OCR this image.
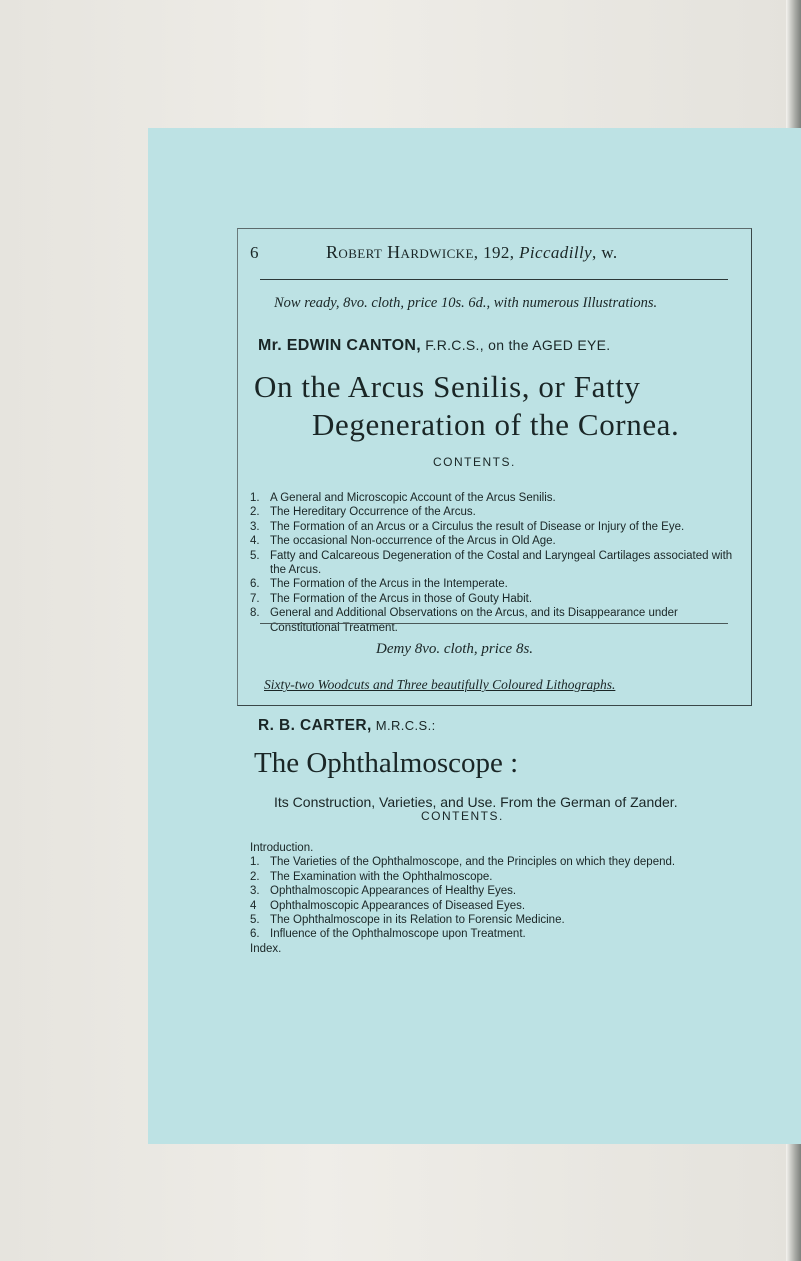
6	Robert Hardwicke, 192, Piccadilly, w.

Now ready, 8vo. cloth, price 10s. 6d., with numerous Illustrations.

Mr. EDWIN CANTON, F.R.C.S., on the AGED EYE.

On the Arcus Senilis, or Fatty

Degeneration of the Cornea.

CONTENTS.

1. A General and Microscopic Account of the Arcus Senilis.
2. The Hereditary Occurrence of the Arcus.
3. The Formation of an Arcus or a Circulus the result of Disease or Injury of the Eye.
4. The occasional Non-occurrence of the Arcus in Old Age.
5. Fatty and Calcareous Degeneration of the Costal and Laryngeal Cartilages associated with the Arcus.
6. The Formation of the Arcus in the Intemperate.
7. The Formation of the Arcus in those of Gouty Habit.
8. General and Additional Observations on the Arcus, and its Disappearance under Constitutional Treatment.

Demy 8vo. cloth, price 8s.

Sixty-two Woodcuts and Three beautifully Coloured Lithographs.

R. B. CARTER, M.R.C.S.:

The Ophthalmoscope :

Its Construction, Varieties, and Use. From the German of Zander.

CONTENTS.

Introduction.
1. The Varieties of the Ophthalmoscope, and the Principles on which they depend.
2. The Examination with the Ophthalmoscope.
3. Ophthalmoscopic Appearances of Healthy Eyes.
4 Ophthalmoscopic Appearances of Diseased Eyes.
5. The Ophthalmoscope in its Relation to Forensic Medicine.
6. Influence of the Ophthalmoscope upon Treatment.
Index.
